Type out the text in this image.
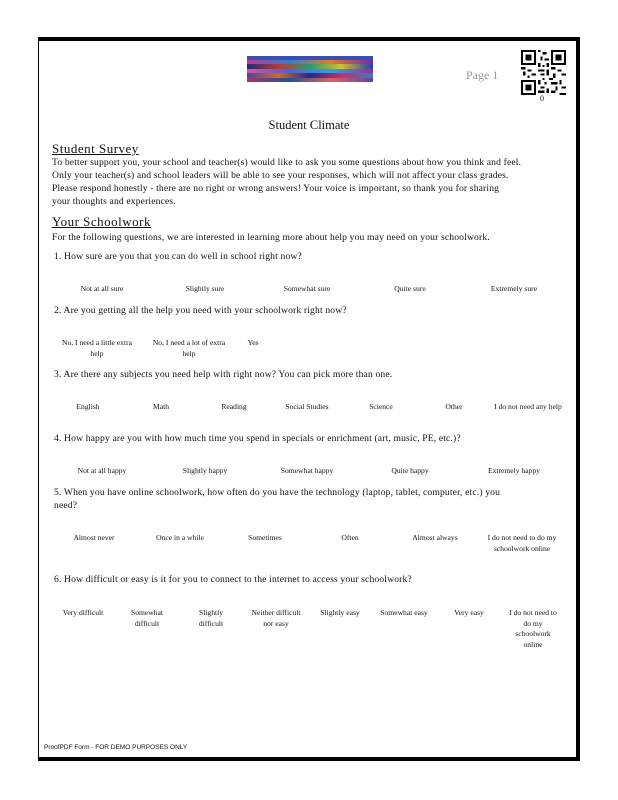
Page 1
0
Student Climate
Student Survey
To better support you, your school and teacher(s) would like to ask you some questions about how you think and feel.
Only your teacher(s) and school leaders will be able to see your responses, which will not affect your class grades.
Please respond honestly - there are no right or wrong answers! Your voice is important, so thank you for sharing
your thoughts and experiences.
Your Schoolwork
For the following questions, we are interested in learning more about help you may need on your schoolwork.
1. How sure are you that you can do well in school right now?
Not at all sure	Slightly sure	Somewhat sure	Quite sure	Extremely sure
2. Are you getting all the help you need with your schoolwork right now?
No, I need a little extra help
No, I need a lot of extra help
Yes
3. Are there any subjects you need help with right now? You can pick more than one.
English	Math	Reading	Social Studies	Science	Other	I do not need any help
4. How happy are you with how much time you spend in specials or enrichment (art, music, PE, etc.)?
Not at all happy	Slightly happy	Somewhat happy	Quite happy	Extremely happy
5. When you have online schoolwork, how often do you have the technology (laptop, tablet, computer, etc.) you
need?
Almost never	Once in a while	Sometimes	Often	Almost always	I do not need to do my schoolwork online
6. How difficult or easy is it for you to connect to the internet to access your schoolwork?
Very difficult	Somewhat difficult
Slightly difficult
Neither difficult nor easy
Slightly easy	Somewhat easy	Very easy	I do not need to do my schoolwork online
ProofPDF Form - FOR DEMO PURPOSES ONLY
